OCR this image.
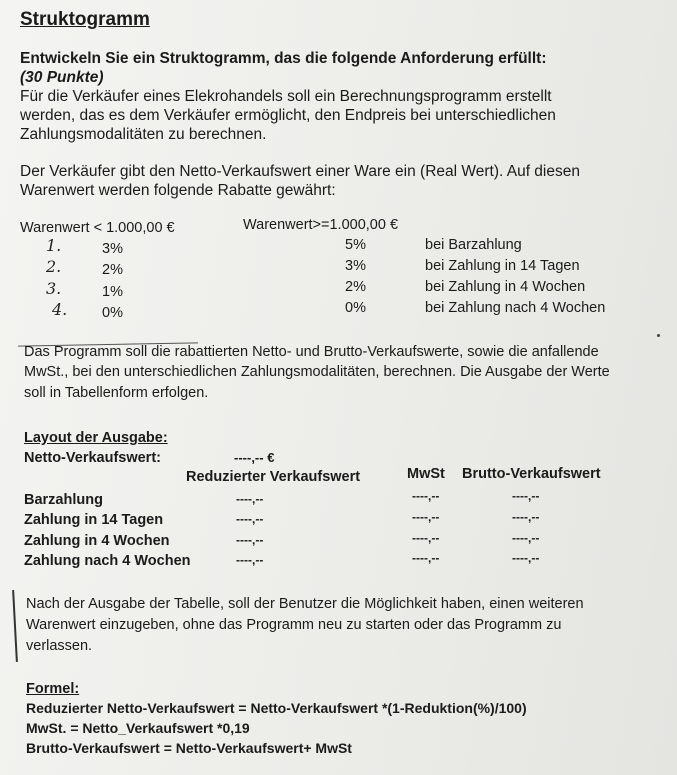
Struktogramm
Entwickeln Sie ein Struktogramm, das die folgende Anforderung erfüllt:
(30 Punkte)
Für die Verkäufer eines Elekrohandels soll ein Berechnungsprogramm erstellt
werden, das es dem Verkäufer ermöglicht, den Endpreis bei unterschiedlichen
Zahlungsmodalitäten zu berechnen.
Der Verkäufer gibt den Netto-Verkaufswert einer Ware ein (Real Wert). Auf diesen
Warenwert werden folgende Rabatte gewährt:
Warenwert < 1.000,00 €	Warenwert>=1.000,00 €
1.	3%	5%	bei Barzahlung
2.	2%	3%	bei Zahlung in 14 Tagen
3.	1%	2%	bei Zahlung in 4 Wochen
4. 0%	0%	bei Zahlung nach 4 Wochen
Das Programm soll die rabattierten Netto- und Brutto-Verkaufswerte, sowie die anfallende
MwSt., bei den unterschiedlichen Zahlungsmodalitäten, berechnen. Die Ausgabe der Werte
soll in Tabellenform erfolgen.
Layout der Ausgabe:
Netto-Verkaufswert:	----,-- €
Reduzierter Verkaufswert	MwSt Brutto-Verkaufswert
Barzahlung	----,--	----,--	----,--
Zahlung in 14 Tagen	----,--	----,--	----,--
Zahlung in 4 Wochen	----,--	----,--	----,--
Zahlung nach 4 Wochen	----,--	----,--	----,--
Nach der Ausgabe der Tabelle, soll der Benutzer die Möglichkeit haben, einen weiteren
Warenwert einzugeben, ohne das Programm neu zu starten oder das Programm zu
verlassen.
Formel:
Reduzierter Netto-Verkaufswert = Netto-Verkaufswert *(1-Reduktion(%)/100)
MwSt. = Netto_Verkaufswert *0,19
Brutto-Verkaufswert = Netto-Verkaufswert+ MwSt
